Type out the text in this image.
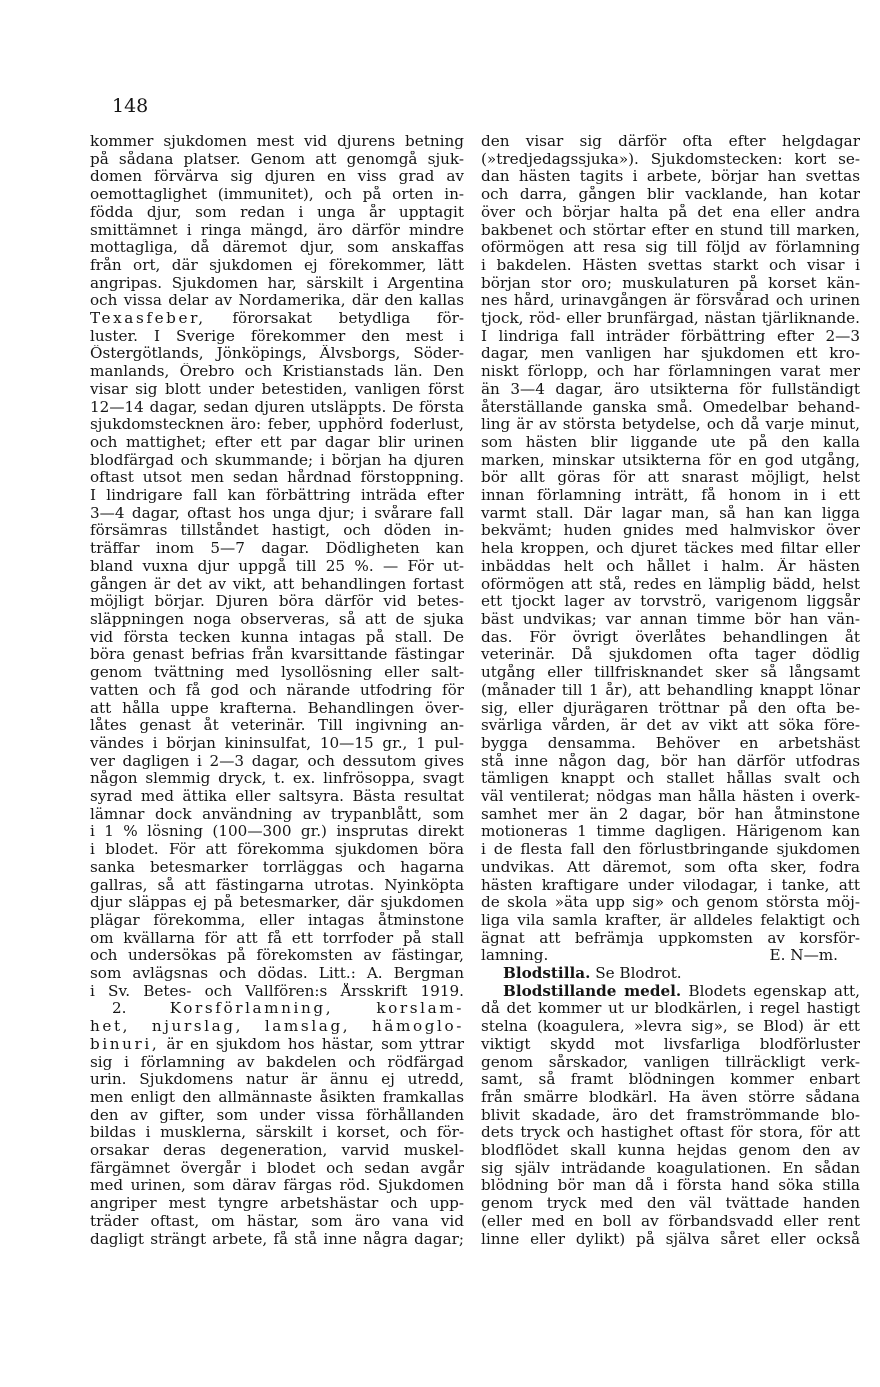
148
kommer sjukdomen mest vid djurens betning
på sådana platser. Genom att genomgå sjuk-
domen förvärva sig djuren en viss grad av
oemottaglighet (immunitet), och på orten in-
födda djur, som redan i unga år upptagit
smittämnet i ringa mängd, äro därför mindre
mottagliga, då däremot djur, som anskaffas
från ort, där sjukdomen ej förekommer, lätt
angripas. Sjukdomen har, särskilt i Argentina
och vissa delar av Nordamerika, där den kallas
Texasfeber, förorsakat betydliga för-
luster. I Sverige förekommer den mest i
Östergötlands, Jönköpings, Älvsborgs, Söder-
manlands, Örebro och Kristianstads län. Den
visar sig blott under betestiden, vanligen först
12—14 dagar, sedan djuren utsläppts. De första
sjukdomstecknen äro: feber, upphörd foderlust,
och mattighet; efter ett par dagar blir urinen
blodfärgad och skummande; i början ha djuren
oftast utsot men sedan hårdnad förstoppning.
I lindrigare fall kan förbättring inträda efter
3—4 dagar, oftast hos unga djur; i svårare fall
försämras tillståndet hastigt, och döden in-
träffar inom 5—7 dagar. Dödligheten kan
bland vuxna djur uppgå till 25 %. — För ut-
gången är det av vikt, att behandlingen fortast
möjligt börjar. Djuren böra därför vid betes-
släppningen noga observeras, så att de sjuka
vid första tecken kunna intagas på stall. De
böra genast befrias från kvarsittande fästingar
genom tvättning med lysollösning eller salt-
vatten och få god och närande utfodring för
att hålla uppe krafterna. Behandlingen över-
låtes genast åt veterinär. Till ingivning an-
vändes i början kininsulfat, 10—15 gr., 1 pul-
ver dagligen i 2—3 dagar, och dessutom gives
någon slemmig dryck, t. ex. linfrösoppa, svagt
syrad med ättika eller saltsyra. Bästa resultat
lämnar dock användning av trypanblått, som
i 1 % lösning (100—300 gr.) insprutas direkt
i blodet. För att förekomma sjukdomen böra
sanka betesmarker torrläggas och hagarna
gallras, så att fästingarna utrotas. Nyinköpta
djur släppas ej på betesmarker, där sjukdomen
plägar förekomma, eller intagas åtminstone
om kvällarna för att få ett torrfoder på stall
och undersökas på förekomsten av fästingar,
som avlägsnas och dödas. Litt.: A. Bergman
i Sv. Betes- och Vallfören:s Årsskrift 1919.
2.	Korsförlamning,	korslam-
het, njurslag, lamslag, hämoglo-
binuri, är en sjukdom hos hästar, som yttrar
sig i förlamning av bakdelen och rödfärgad
urin. Sjukdomens natur är ännu ej utredd,
men enligt den allmännaste åsikten framkallas
den av gifter, som under vissa förhållanden
bildas i musklerna, särskilt i korset, och för-
orsakar deras degeneration, varvid muskel-
färgämnet övergår i blodet och sedan avgår
med urinen, som därav färgas röd. Sjukdomen
angriper mest tyngre arbetshästar och upp-
träder oftast, om hästar, som äro vana vid
dagligt strängt arbete, få stå inne några dagar;
den visar sig därför ofta efter helgdagar
(»tredjedagssjuka»). Sjukdomstecken: kort se-
dan hästen tagits i arbete, börjar han svettas
och darra, gången blir vacklande, han kotar
över och börjar halta på det ena eller andra
bakbenet och störtar efter en stund till marken,
oförmögen att resa sig till följd av förlamning
i bakdelen. Hästen svettas starkt och visar i
början stor oro; muskulaturen på korset kän-
nes hård, urinavgången är försvårad och urinen
tjock, röd- eller brunfärgad, nästan tjärliknande.
I lindriga fall inträder förbättring efter 2—3
dagar, men vanligen har sjukdomen ett kro-
niskt förlopp, och har förlamningen varat mer
än 3—4 dagar, äro utsikterna för fullständigt
återställande ganska små. Omedelbar behand-
ling är av största betydelse, och då varje minut,
som hästen blir liggande ute på den kalla
marken, minskar utsikterna för en god utgång,
bör allt göras för att snarast möjligt, helst
innan förlamning inträtt, få honom in i ett
varmt stall. Där lagar man, så han kan ligga
bekvämt; huden gnides med halmviskor över
hela kroppen, och djuret täckes med filtar eller
inbäddas helt och hållet i halm. Är hästen
oförmögen att stå, redes en lämplig bädd, helst
ett tjockt lager av torvströ, varigenom liggsår
bäst undvikas; var annan timme bör han vän-
das. För övrigt överlåtes behandlingen åt
veterinär. Då sjukdomen ofta tager dödlig
utgång eller tillfrisknandet sker så långsamt
(månader till 1 år), att behandling knappt lönar
sig, eller djurägaren tröttnar på den ofta be-
svärliga vården, är det av vikt att söka före-
bygga densamma. Behöver en arbetshäst
stå inne någon dag, bör han därför utfodras
tämligen knappt och stallet hållas svalt och
väl ventilerat; nödgas man hålla hästen i overk-
samhet mer än 2 dagar, bör han åtminstone
motioneras 1 timme dagligen. Härigenom kan
i de flesta fall den förlustbringande sjukdomen
undvikas. Att däremot, som ofta sker, fodra
hästen kraftigare under vilodagar, i tanke, att
de skola »äta upp sig» och genom största möj-
liga vila samla krafter, är alldeles felaktigt och
ägnat att befrämja uppkomsten av korsför-
lamning.	E. N—m.
Blodstilla. Se Blodrot.
Blodstillande medel. Blodets egenskap att,
då det kommer ut ur blodkärlen, i regel hastigt
stelna (koagulera, »levra sig», se Blod) är ett
viktigt skydd mot livsfarliga blodförluster
genom sårskador, vanligen tillräckligt verk-
samt, så framt blödningen kommer enbart
från smärre blodkärl. Ha även större sådana
blivit skadade, äro det framströmmande blo-
dets tryck och hastighet oftast för stora, för att
blodflödet skall kunna hejdas genom den av
sig själv inträdande koagulationen. En sådan
blödning bör man då i första hand söka stilla
genom tryck med den väl tvättade handen
(eller med en boll av förbandsvadd eller rent
linne eller dylikt) på själva såret eller också
